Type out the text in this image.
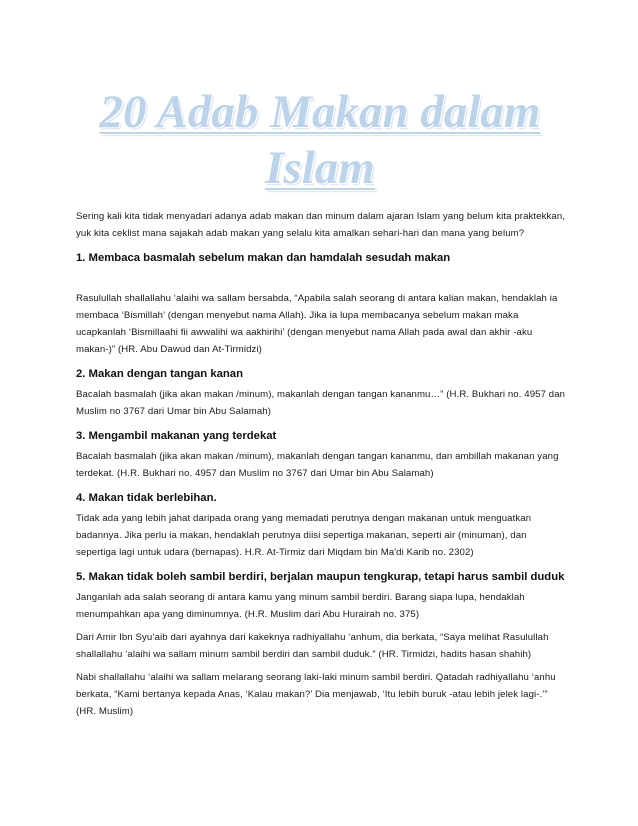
20 Adab Makan dalam
Islam

Sering kali kita tidak menyadari adanya adab makan dan minum dalam ajaran Islam yang belum kita praktekkan, yuk kita ceklist mana sajakah adab makan yang selalu kita amalkan sehari-hari dan mana yang belum?

1. Membaca basmalah sebelum makan dan hamdalah sesudah makan

Rasulullah shallallahu ‘alaihi wa sallam bersabda, “Apabila salah seorang di antara kalian makan, hendaklah ia membaca ‘Bismillah’ (dengan menyebut nama Allah). Jika ia lupa membacanya sebelum makan maka ucapkanlah ‘Bismillaahi fii awwalihi wa aakhirihi’ (dengan menyebut nama Allah pada awal dan akhir -aku makan-)” (HR. Abu Dawud dan At-Tirmidzi)

2. Makan dengan tangan kanan

Bacalah basmalah (jika akan makan /minum), makanlah dengan tangan kananmu…” (H.R. Bukhari no. 4957 dan Muslim no 3767 dari Umar bin Abu Salamah)

3. Mengambil makanan yang terdekat

Bacalah basmalah (jika akan makan /minum), makanlah dengan tangan kananmu, dan ambillah makanan yang terdekat. (H.R. Bukhari no. 4957 dan Muslim no 3767 dari Umar bin Abu Salamah)

4. Makan tidak berlebihan.

Tidak ada yang lebih jahat daripada orang yang memadati perutnya dengan makanan untuk menguatkan badannya. Jika perlu ia makan, hendaklah perutnya diisi sepertiga makanan, seperti air (minuman), dan sepertiga lagi untuk udara (bernapas). H.R. At-Tirmiz dari Miqdam bin Ma'di Karib no. 2302)

5. Makan tidak boleh sambil berdiri, berjalan maupun tengkurap, tetapi harus sambil duduk

Janganlah ada salah seorang di antara kamu yang minum sambil berdiri. Barang siapa lupa, hendaklah menumpahkan apa yang diminumnya. (H.R. Muslim dari Abu Hurairah no. 375)

Dari Amir Ibn Syu’aib dari ayahnya dari kakeknya radhiyallahu ‘anhum, dia berkata, “Saya melihat Rasulullah shallallahu ‘alaihi wa sallam minum sambil berdiri dan sambil duduk.” (HR. Tirmidzi, hadits hasan shahih)

Nabi shallallahu ‘alaihi wa sallam melarang seorang laki-laki minum sambil berdiri. Qatadah radhiyallahu ‘anhu berkata, “Kami bertanya kepada Anas, ‘Kalau makan?’ Dia menjawab, ‘Itu lebih buruk -atau lebih jelek lagi-.’” (HR. Muslim)
